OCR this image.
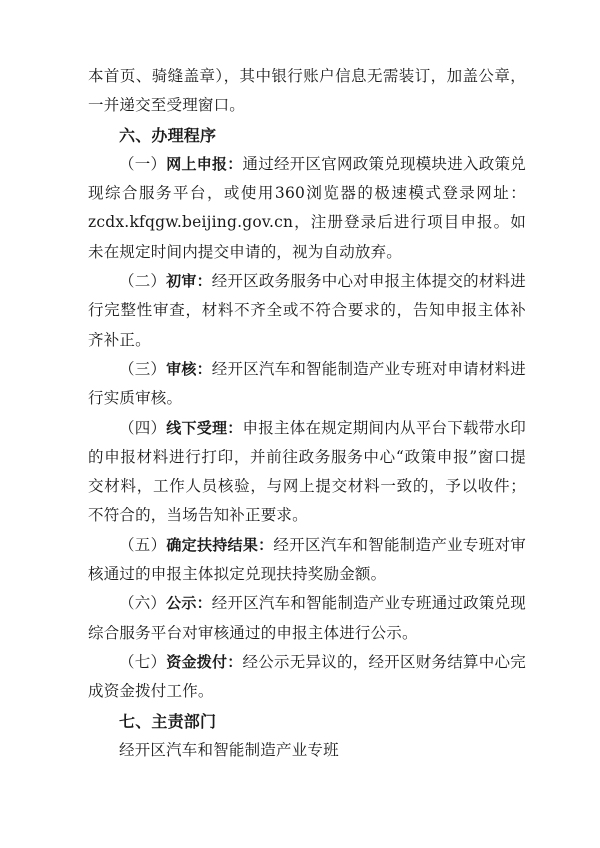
本首页、骑缝盖章），其中银行账户信息无需装订，加盖公章，一并递交至受理窗口。

六、办理程序

（一）网上申报：通过经开区官网政策兑现模块进入政策兑现综合服务平台，或使用360浏览器的极速模式登录网址：zcdx.kfqgw.beijing.gov.cn，注册登录后进行项目申报。如未在规定时间内提交申请的，视为自动放弃。

（二）初审：经开区政务服务中心对申报主体提交的材料进行完整性审查，材料不齐全或不符合要求的，告知申报主体补齐补正。

（三）审核：经开区汽车和智能制造产业专班对申请材料进行实质审核。

（四）线下受理：申报主体在规定期间内从平台下载带水印的申报材料进行打印，并前往政务服务中心“政策申报”窗口提交材料，工作人员核验，与网上提交材料一致的，予以收件；不符合的，当场告知补正要求。

（五）确定扶持结果：经开区汽车和智能制造产业专班对审核通过的申报主体拟定兑现扶持奖励金额。

（六）公示：经开区汽车和智能制造产业专班通过政策兑现综合服务平台对审核通过的申报主体进行公示。

（七）资金拨付：经公示无异议的，经开区财务结算中心完成资金拨付工作。

七、主责部门

经开区汽车和智能制造产业专班
